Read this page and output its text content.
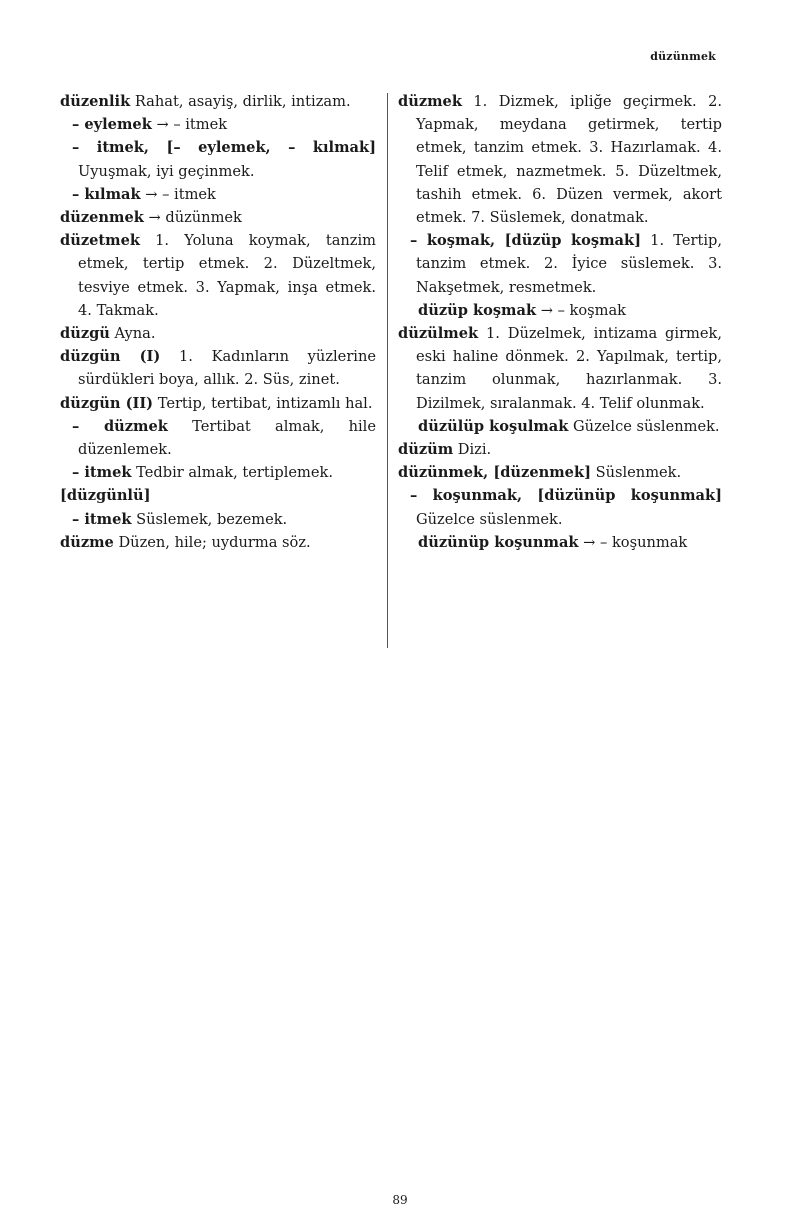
düzünmek
düzenlik Rahat, asayiş, dirlik, intizam.
– eylemek → – itmek
– itmek, [– eylemek, – kılmak] Uyuşmak, iyi geçinmek.
– kılmak → – itmek
düzenmek → düzünmek
düzetmek 1. Yoluna koymak, tanzim etmek, tertip etmek. 2. Düzeltmek, tesviye etmek. 3. Yapmak, inşa etmek. 4. Takmak.
düzgü Ayna.
düzgün (I) 1. Kadınların yüzlerine sürdükleri boya, allık. 2. Süs, zinet.
düzgün (II) Tertip, tertibat, intizamlı hal.
– düzmek Tertibat almak, hile düzenlemek.
– itmek Tedbir almak, tertiplemek.
[düzgünlü]
– itmek Süslemek, bezemek.
düzme Düzen, hile; uydurma söz.
düzmek 1. Dizmek, ipliğe geçirmek. 2. Yapmak, meydana getirmek, tertip etmek, tanzim etmek. 3. Hazırlamak. 4. Telif etmek, nazmetmek. 5. Düzeltmek, tashih etmek. 6. Düzen vermek, akort etmek. 7. Süslemek, donatmak.
– koşmak, [düzüp koşmak] 1. Tertip, tanzim etmek. 2. İyice süslemek. 3. Nakşetmek, resmetmek.
düzüp koşmak → – koşmak
düzülmek 1. Düzelmek, intizama girmek, eski haline dönmek. 2. Yapılmak, tertip, tanzim olunmak, hazırlanmak. 3. Dizilmek, sıralanmak. 4. Telif olunmak.
düzülüp koşulmak Güzelce süslenmek.
düzüm Dizi.
düzünmek, [düzenmek] Süslenmek.
– koşunmak, [düzünüp koşunmak] Güzelce süslenmek.
düzünüp koşunmak → – koşunmak
89
